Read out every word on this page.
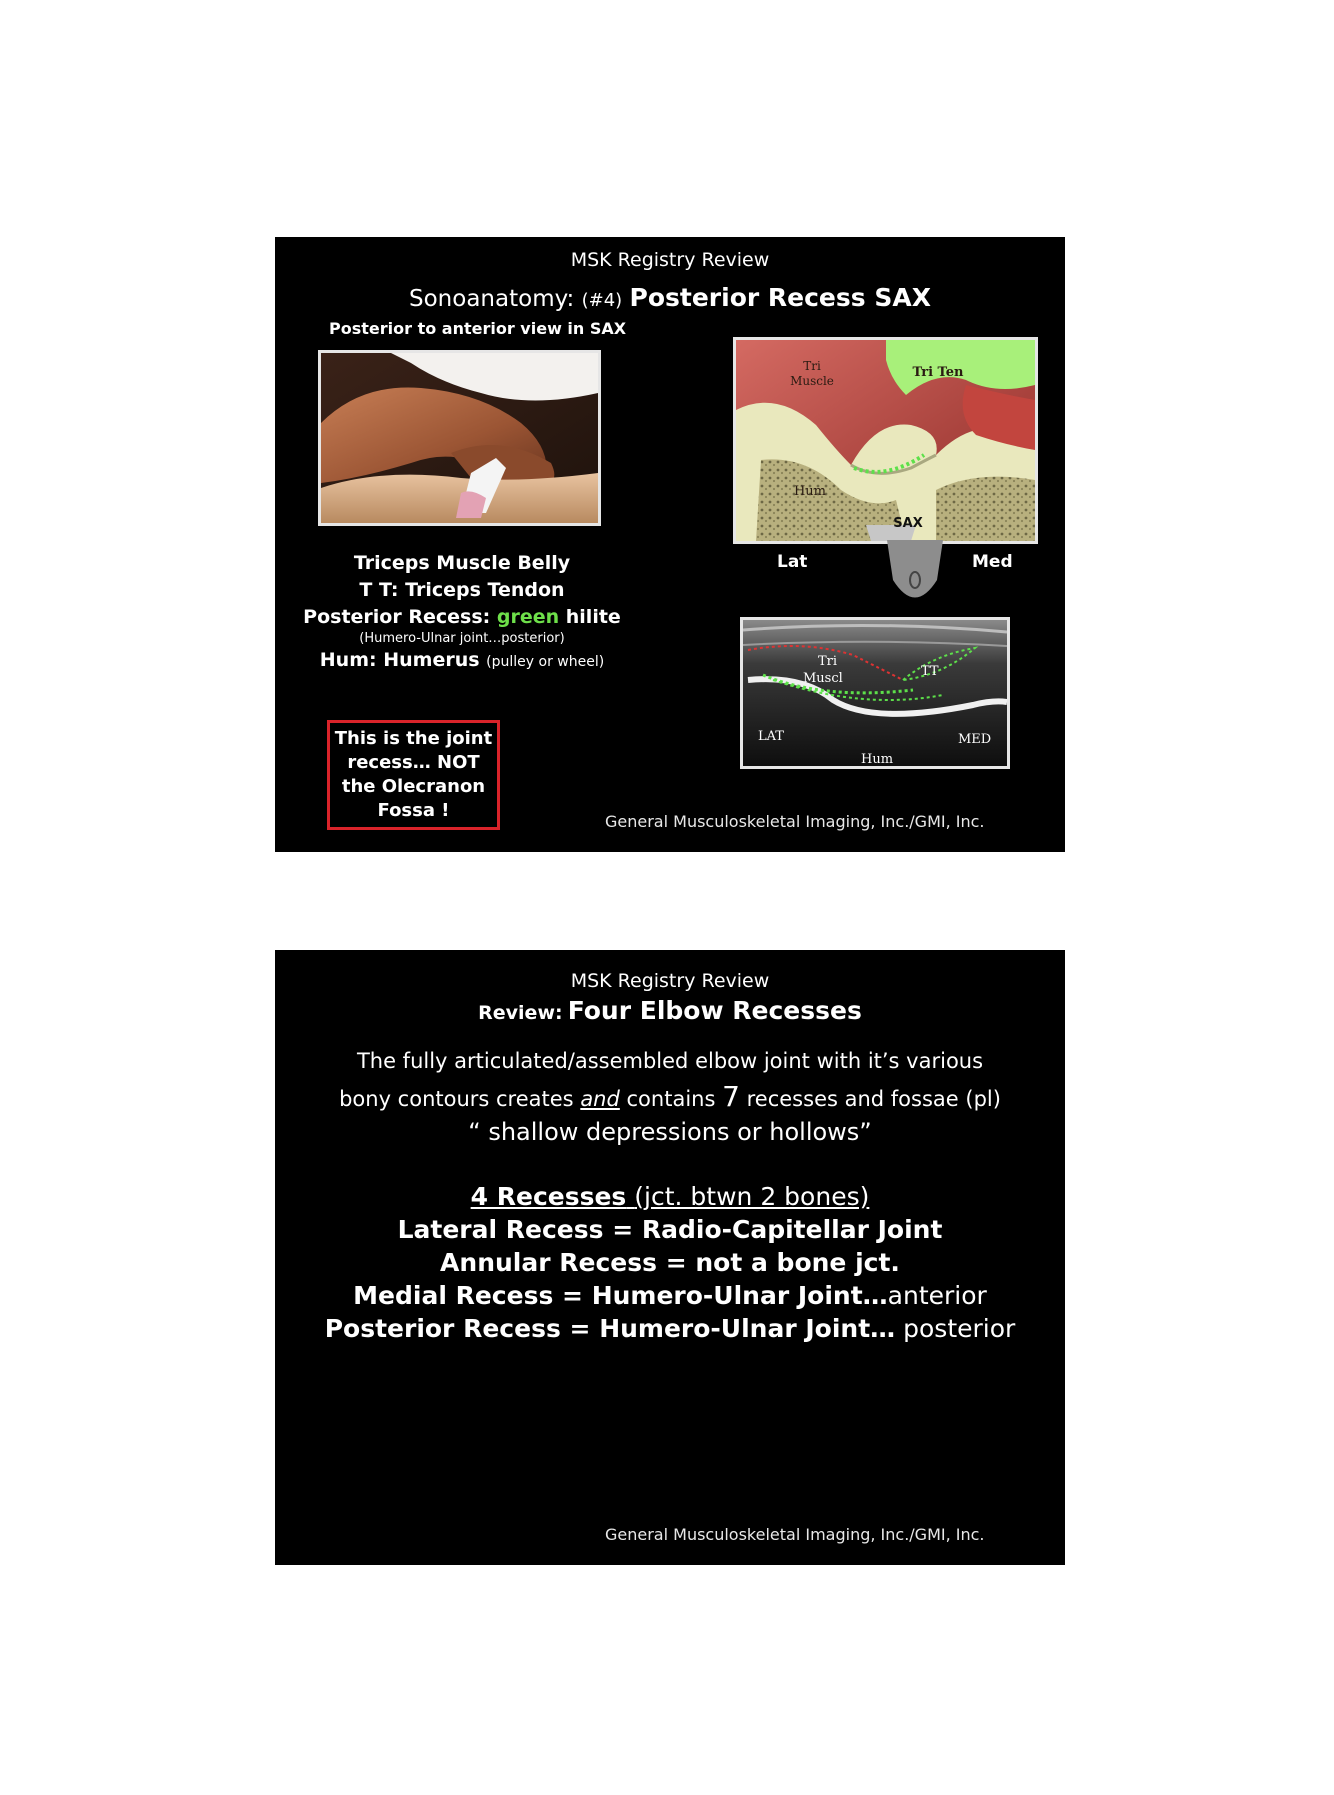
MSK Registry Review
Sonoanatomy: (#4) Posterior Recess SAX
Posterior to anterior view in SAX
Triceps Muscle Belly
T T: Triceps Tendon
Posterior Recess: green hilite
(Humero-Ulnar joint…posterior)
Hum: Humerus (pulley or wheel)
This is the joint
recess… NOT
the Olecranon
Fossa !
Tri
Muscle
Tri Ten
Hum
SAX
Lat	Med
Tri
Muscl	TT
LAT	MED
Hum
General Musculoskeletal Imaging, Inc./GMI, Inc.
MSK Registry Review
Review: Four Elbow Recesses
The fully articulated/assembled elbow joint with it’s various
bony contours creates and contains 7 recesses and fossae (pl)
“ shallow depressions or hollows”
4 Recesses (jct. btwn 2 bones)
Lateral Recess = Radio-Capitellar Joint
Annular Recess = not a bone jct.
Medial Recess = Humero-Ulnar Joint…anterior
Posterior Recess = Humero-Ulnar Joint… posterior
General Musculoskeletal Imaging, Inc./GMI, Inc.
